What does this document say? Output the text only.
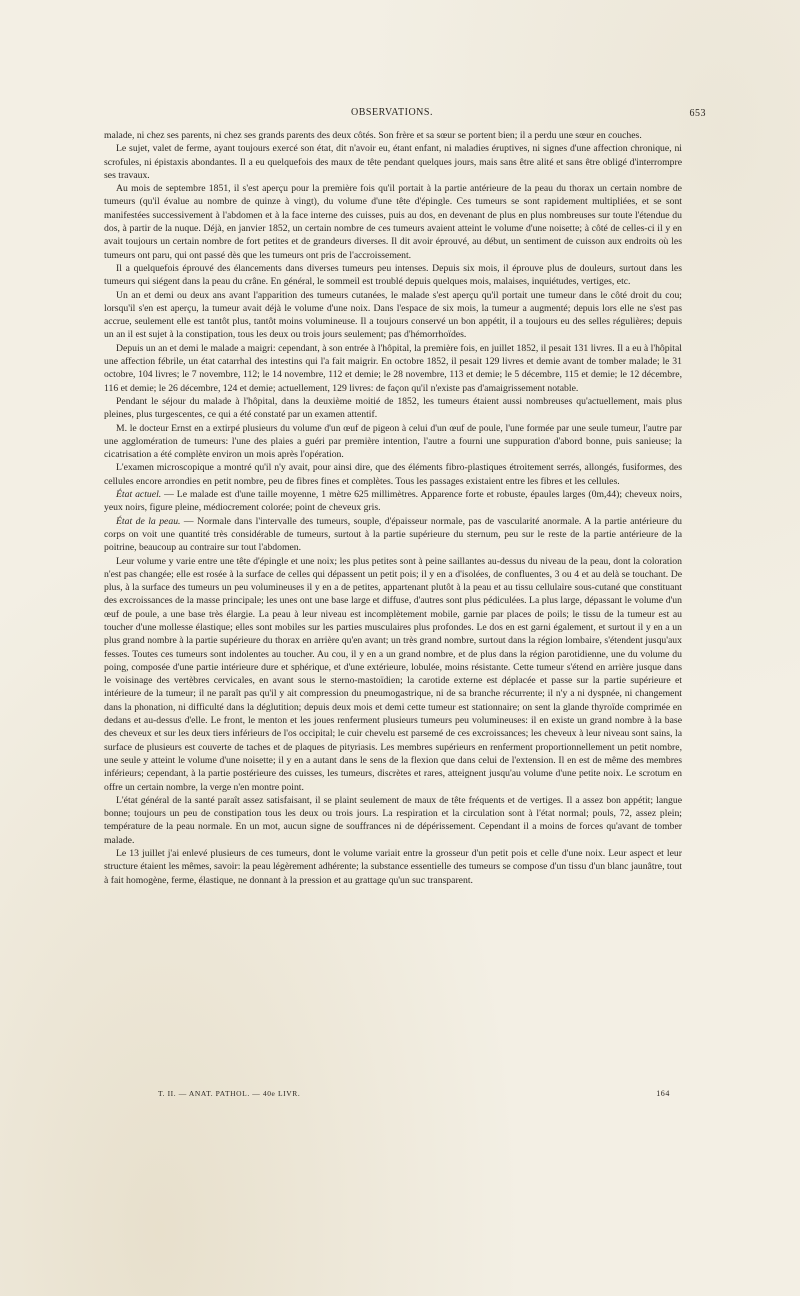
OBSERVATIONS.	653

malade, ni chez ses parents, ni chez ses grands parents des deux côtés. Son frère et sa sœur se portent bien; il a perdu une sœur en couches.

Le sujet, valet de ferme, ayant toujours exercé son état, dit n'avoir eu, étant enfant, ni maladies éruptives, ni signes d'une affection chronique, ni scrofules, ni épistaxis abondantes. Il a eu quelquefois des maux de tête pendant quelques jours, mais sans être alité et sans être obligé d'interrompre ses travaux.

Au mois de septembre 1851, il s'est aperçu pour la première fois qu'il portait à la partie antérieure de la peau du thorax un certain nombre de tumeurs (qu'il évalue au nombre de quinze à vingt), du volume d'une tête d'épingle. Ces tumeurs se sont rapidement multipliées, et se sont manifestées successivement à l'abdomen et à la face interne des cuisses, puis au dos, en devenant de plus en plus nombreuses sur toute l'étendue du dos, à partir de la nuque. Déjà, en janvier 1852, un certain nombre de ces tumeurs avaient atteint le volume d'une noisette; à côté de celles-ci il y en avait toujours un certain nombre de fort petites et de grandeurs diverses. Il dit avoir éprouvé, au début, un sentiment de cuisson aux endroits où les tumeurs ont paru, qui ont passé dès que les tumeurs ont pris de l'accroissement.

Il a quelquefois éprouvé des élancements dans diverses tumeurs peu intenses. Depuis six mois, il éprouve plus de douleurs, surtout dans les tumeurs qui siégent dans la peau du crâne. En général, le sommeil est troublé depuis quelques mois, malaises, inquiétudes, vertiges, etc.

Un an et demi ou deux ans avant l'apparition des tumeurs cutanées, le malade s'est aperçu qu'il portait une tumeur dans le côté droit du cou; lorsqu'il s'en est aperçu, la tumeur avait déjà le volume d'une noix. Dans l'espace de six mois, la tumeur a augmenté; depuis lors elle ne s'est pas accrue, seulement elle est tantôt plus, tantôt moins volumineuse. Il a toujours conservé un bon appétit, il a toujours eu des selles régulières; depuis un an il est sujet à la constipation, tous les deux ou trois jours seulement; pas d'hémorrhoïdes.

Depuis un an et demi le malade a maigri: cependant, à son entrée à l'hôpital, la première fois, en juillet 1852, il pesait 131 livres. Il a eu à l'hôpital une affection fébrile, un état catarrhal des intestins qui l'a fait maigrir. En octobre 1852, il pesait 129 livres et demie avant de tomber malade; le 31 octobre, 104 livres; le 7 novembre, 112; le 14 novembre, 112 et demie; le 28 novembre, 113 et demie; le 5 décembre, 115 et demie; le 12 décembre, 116 et demie; le 26 décembre, 124 et demie; actuellement, 129 livres: de façon qu'il n'existe pas d'amaigrissement notable.

Pendant le séjour du malade à l'hôpital, dans la deuxième moitié de 1852, les tumeurs étaient aussi nombreuses qu'actuellement, mais plus pleines, plus turgescentes, ce qui a été constaté par un examen attentif.

M. le docteur Ernst en a extirpé plusieurs du volume d'un œuf de pigeon à celui d'un œuf de poule, l'une formée par une seule tumeur, l'autre par une agglomération de tumeurs: l'une des plaies a guéri par première intention, l'autre a fourni une suppuration d'abord bonne, puis sanieuse; la cicatrisation a été complète environ un mois après l'opération.

L'examen microscopique a montré qu'il n'y avait, pour ainsi dire, que des éléments fibro-plastiques étroitement serrés, allongés, fusiformes, des cellules encore arrondies en petit nombre, peu de fibres fines et complètes. Tous les passages existaient entre les fibres et les cellules.

État actuel. — Le malade est d'une taille moyenne, 1 mètre 625 millimètres. Apparence forte et robuste, épaules larges (0m,44); cheveux noirs, yeux noirs, figure pleine, médiocrement colorée; point de cheveux gris.

État de la peau. — Normale dans l'intervalle des tumeurs, souple, d'épaisseur normale, pas de vascularité anormale. A la partie antérieure du corps on voit une quantité très considérable de tumeurs, surtout à la partie supérieure du sternum, peu sur le reste de la partie antérieure de la poitrine, beaucoup au contraire sur tout l'abdomen.

Leur volume y varie entre une tête d'épingle et une noix; les plus petites sont à peine saillantes au-dessus du niveau de la peau, dont la coloration n'est pas changée; elle est rosée à la surface de celles qui dépassent un petit pois; il y en a d'isolées, de confluentes, 3 ou 4 et au delà se touchant. De plus, à la surface des tumeurs un peu volumineuses il y en a de petites, appartenant plutôt à la peau et au tissu cellulaire sous-cutané que constituant des excroissances de la masse principale; les unes ont une base large et diffuse, d'autres sont plus pédiculées. La plus large, dépassant le volume d'un œuf de poule, a une base très élargie. La peau à leur niveau est incomplètement mobile, garnie par places de poils; le tissu de la tumeur est au toucher d'une mollesse élastique; elles sont mobiles sur les parties musculaires plus profondes. Le dos en est garni également, et surtout il y en a un plus grand nombre à la partie supérieure du thorax en arrière qu'en avant; un très grand nombre, surtout dans la région lombaire, s'étendent jusqu'aux fesses. Toutes ces tumeurs sont indolentes au toucher. Au cou, il y en a un grand nombre, et de plus dans la région parotidienne, une du volume du poing, composée d'une partie intérieure dure et sphérique, et d'une extérieure, lobulée, moins résistante. Cette tumeur s'étend en arrière jusque dans le voisinage des vertèbres cervicales, en avant sous le sterno-mastoïdien; la carotide externe est déplacée et passe sur la partie supérieure et intérieure de la tumeur; il ne paraît pas qu'il y ait compression du pneumogastrique, ni de sa branche récurrente; il n'y a ni dyspnée, ni changement dans la phonation, ni difficulté dans la déglutition; depuis deux mois et demi cette tumeur est stationnaire; on sent la glande thyroïde comprimée en dedans et au-dessus d'elle. Le front, le menton et les joues renferment plusieurs tumeurs peu volumineuses: il en existe un grand nombre à la base des cheveux et sur les deux tiers inférieurs de l'os occipital; le cuir chevelu est parsemé de ces excroissances; les cheveux à leur niveau sont sains, la surface de plusieurs est couverte de taches et de plaques de pityriasis. Les membres supérieurs en renferment proportionnellement un petit nombre, une seule y atteint le volume d'une noisette; il y en a autant dans le sens de la flexion que dans celui de l'extension. Il en est de même des membres inférieurs; cependant, à la partie postérieure des cuisses, les tumeurs, discrètes et rares, atteignent jusqu'au volume d'une petite noix. Le scrotum en offre un certain nombre, la verge n'en montre point.

L'état général de la santé paraît assez satisfaisant, il se plaint seulement de maux de tête fréquents et de vertiges. Il a assez bon appétit; langue bonne; toujours un peu de constipation tous les deux ou trois jours. La respiration et la circulation sont à l'état normal; pouls, 72, assez plein; température de la peau normale. En un mot, aucun signe de souffrances ni de dépérissement. Cependant il a moins de forces qu'avant de tomber malade.

Le 13 juillet j'ai enlevé plusieurs de ces tumeurs, dont le volume variait entre la grosseur d'un petit pois et celle d'une noix. Leur aspect et leur structure étaient les mêmes, savoir: la peau légèrement adhérente; la substance essentielle des tumeurs se compose d'un tissu d'un blanc jaunâtre, tout à fait homogène, ferme, élastique, ne donnant à la pression et au grattage qu'un suc transparent.

T. II. — ANAT. PATHOL. — 40e LIVR.	164
